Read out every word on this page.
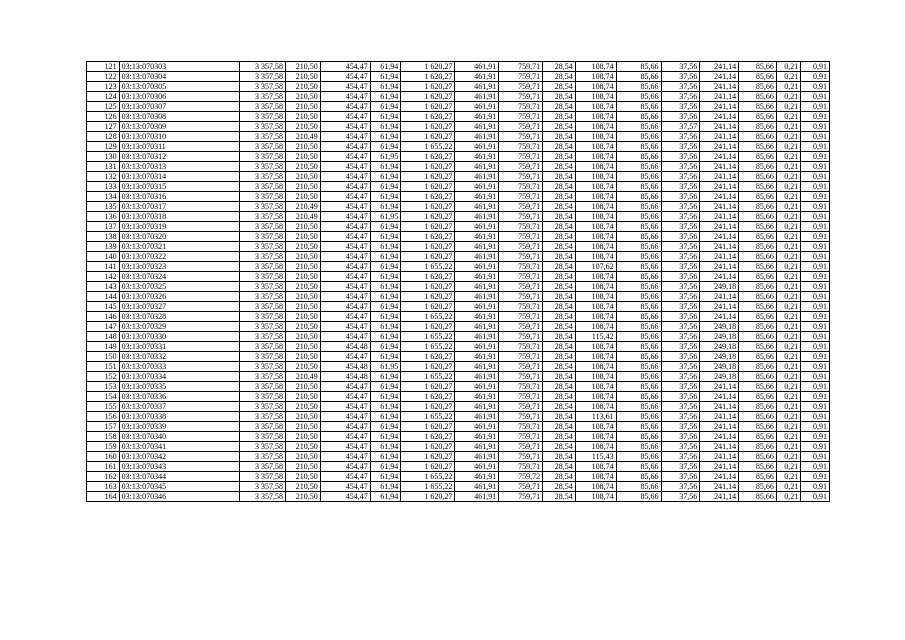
121	03:13:070303	3 357,58	210,50	454,47	61,94	1 620,27	461,91	759,71	28,54	108,74	85,66	37,56	241,14	85,66	0,21	0,91
122	03:13:070304	3 357,58	210,50	454,47	61,94	1 620,27	461,91	759,71	28,54	108,74	85,66	37,56	241,14	85,66	0,21	0,91
123	03:13:070305	3 357,58	210,50	454,47	61,94	1 620,27	461,91	759,71	28,54	108,74	85,66	37,56	241,14	85,66	0,21	0,91
124	03:13:070306	3 357,58	210,50	454,47	61,94	1 620,27	461,91	759,71	28,54	108,74	85,66	37,56	241,14	85,66	0,21	0,91
125	03:13:070307	3 357,58	210,50	454,47	61,94	1 620,27	461,91	759,71	28,54	108,74	85,66	37,56	241,14	85,66	0,21	0,91
126	03:13:070308	3 357,58	210,50	454,47	61,94	1 620,27	461,91	759,71	28,54	108,74	85,66	37,56	241,14	85,66	0,21	0,91
127	03:13:070309	3 357,58	210,50	454,47	61,94	1 620,27	461,91	759,71	28,54	108,74	85,66	37,57	241,14	85,66	0,21	0,91
128	03:13:070310	3 357,58	210,49	454,47	61,94	1 620,27	461,91	759,71	28,54	108,74	85,66	37,56	241,14	85,66	0,21	0,91
129	03:13:070311	3 357,58	210,50	454,47	61,94	1 655,22	461,91	759,71	28,54	108,74	85,66	37,56	241,14	85,66	0,21	0,91
130	03:13:070312	3 357,58	210,50	454,47	61,95	1 620,27	461,91	759,71	28,54	108,74	85,66	37,56	241,14	85,66	0,21	0,91
131	03:13:070313	3 357,58	210,50	454,47	61,94	1 620,27	461,91	759,71	28,54	108,74	85,66	37,56	241,14	85,66	0,21	0,91
132	03:13:070314	3 357,58	210,50	454,47	61,94	1 620,27	461,91	759,71	28,54	108,74	85,66	37,56	241,14	85,66	0,21	0,91
133	03:13:070315	3 357,58	210,50	454,47	61,94	1 620,27	461,91	759,71	28,54	108,74	85,66	37,56	241,14	85,66	0,21	0,91
134	03:13:070316	3 357,58	210,50	454,47	61,94	1 620,27	461,91	759,71	28,54	108,74	85,66	37,56	241,14	85,66	0,21	0,91
135	03:13:070317	3 357,58	210,49	454,47	61,94	1 620,27	461,91	759,71	28,54	108,74	85,66	37,56	241,14	85,66	0,21	0,91
136	03:13:070318	3 357,58	210,49	454,47	61,95	1 620,27	461,91	759,71	28,54	108,74	85,66	37,56	241,14	85,66	0,21	0,91
137	03:13:070319	3 357,58	210,50	454,47	61,94	1 620,27	461,91	759,71	28,54	108,74	85,66	37,56	241,14	85,66	0,21	0,91
138	03:13:070320	3 357,58	210,50	454,47	61,94	1 620,27	461,91	759,71	28,54	108,74	85,66	37,56	241,14	85,66	0,21	0,91
139	03:13:070321	3 357,58	210,50	454,47	61,94	1 620,27	461,91	759,71	28,54	108,74	85,66	37,56	241,14	85,66	0,21	0,91
140	03:13:070322	3 357,58	210,50	454,47	61,94	1 620,27	461,91	759,71	28,54	108,74	85,66	37,56	241,14	85,66	0,21	0,91
141	03:13:070323	3 357,58	210,50	454,47	61,94	1 655,22	461,91	759,71	28,54	107,62	85,66	37,56	241,14	85,66	0,21	0,91
142	03:13:070324	3 357,58	210,50	454,47	61,94	1 620,27	461,91	759,71	28,54	108,74	85,66	37,56	241,14	85,66	0,21	0,91
143	03:13:070325	3 357,58	210,50	454,47	61,94	1 620,27	461,91	759,71	28,54	108,74	85,66	37,56	249,18	85,66	0,21	0,91
144	03:13:070326	3 357,58	210,50	454,47	61,94	1 620,27	461,91	759,71	28,54	108,74	85,66	37,56	241,14	85,66	0,21	0,91
145	03:13:070327	3 357,58	210,50	454,47	61,94	1 620,27	461,91	759,71	28,54	108,74	85,66	37,56	241,14	85,66	0,21	0,91
146	03:13:070328	3 357,58	210,50	454,47	61,94	1 655,22	461,91	759,71	28,54	108,74	85,66	37,56	241,14	85,66	0,21	0,91
147	03:13:070329	3 357,58	210,50	454,47	61,94	1 620,27	461,91	759,71	28,54	108,74	85,66	37,56	249,18	85,66	0,21	0,91
148	03:13:070330	3 357,58	210,50	454,47	61,94	1 655,22	461,91	759,71	28,54	115,42	85,66	37,56	249,18	85,66	0,21	0,91
149	03:13:070331	3 357,58	210,50	454,48	61,94	1 655,22	461,91	759,71	28,54	108,74	85,66	37,56	249,18	85,66	0,21	0,91
150	03:13:070332	3 357,58	210,50	454,47	61,94	1 620,27	461,91	759,71	28,54	108,74	85,66	37,56	249,18	85,66	0,21	0,91
151	03:13:070333	3 357,58	210,50	454,48	61,95	1 620,27	461,91	759,71	28,54	108,74	85,66	37,56	249,18	85,66	0,21	0,91
152	03:13:070334	3 357,58	210,49	454,48	61,94	1 655,22	461,91	759,71	28,54	108,74	85,66	37,56	249,18	85,66	0,21	0,91
153	03:13:070335	3 357,58	210,50	454,47	61,94	1 620,27	461,91	759,71	28,54	108,74	85,66	37,56	241,14	85,66	0,21	0,91
154	03:13:070336	3 357,58	210,50	454,47	61,94	1 620,27	461,91	759,71	28,54	108,74	85,66	37,56	241,14	85,66	0,21	0,91
155	03:13:070337	3 357,58	210,50	454,47	61,94	1 620,27	461,91	759,71	28,54	108,74	85,66	37,56	241,14	85,66	0,21	0,91
156	03:13:070338	3 357,58	210,50	454,47	61,94	1 655,22	461,91	759,71	28,54	113,61	85,66	37,56	241,14	85,66	0,21	0,91
157	03:13:070339	3 357,58	210,50	454,47	61,94	1 620,27	461,91	759,71	28,54	108,74	85,66	37,56	241,14	85,66	0,21	0,91
158	03:13:070340	3 357,58	210,50	454,47	61,94	1 620,27	461,91	759,71	28,54	108,74	85,66	37,56	241,14	85,66	0,21	0,91
159	03:13:070341	3 357,58	210,50	454,47	61,94	1 620,27	461,91	759,71	28,54	108,74	85,66	37,56	241,14	85,66	0,21	0,91
160	03:13:070342	3 357,58	210,50	454,47	61,94	1 620,27	461,91	759,71	28,54	115,43	85,66	37,56	241,14	85,66	0,21	0,91
161	03:13:070343	3 357,58	210,50	454,47	61,94	1 620,27	461,91	759,71	28,54	108,74	85,66	37,56	241,14	85,66	0,21	0,91
162	03:13:070344	3 357,58	210,50	454,47	61,94	1 655,22	461,91	759,72	28,54	108,74	85,66	37,56	241,14	85,66	0,21	0,91
163	03:13:070345	3 357,58	210,50	454,47	61,94	1 655,22	461,91	759,71	28,54	108,74	85,66	37,56	241,14	85,66	0,21	0,91
164	03:13:070346	3 357,58	210,50	454,47	61,94	1 620,27	461,91	759,71	28,54	108,74	85,66	37,56	241,14	85,66	0,21	0,91
